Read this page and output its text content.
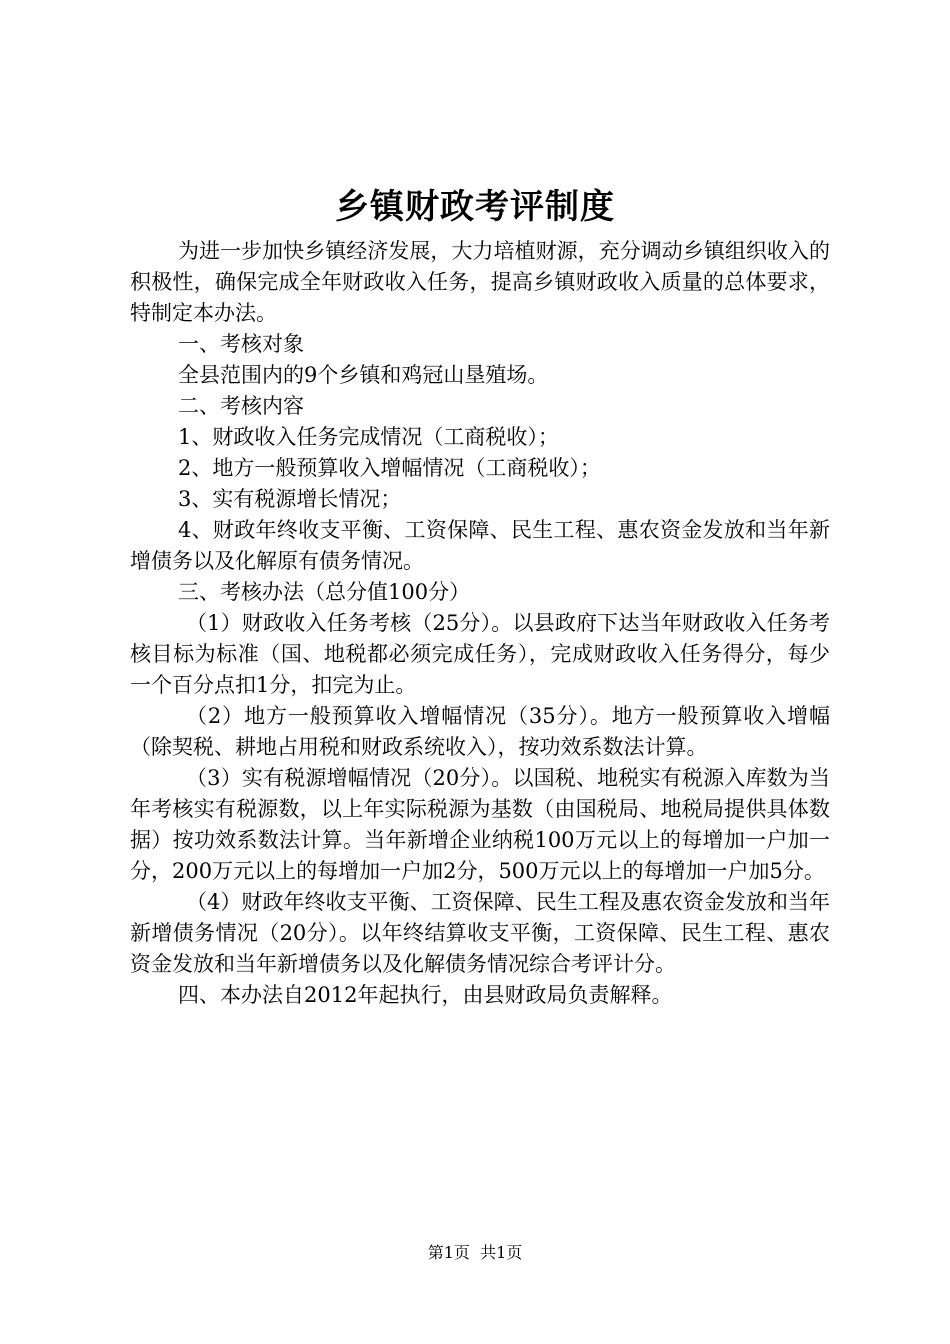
乡镇财政考评制度

为进一步加快乡镇经济发展，大力培植财源，充分调动乡镇组织收入的积极性，确保完成全年财政收入任务，提高乡镇财政收入质量的总体要求，特制定本办法。

一、考核对象

全县范围内的9个乡镇和鸡冠山垦殖场。

二、考核内容

1、财政收入任务完成情况（工商税收）；

2、地方一般预算收入增幅情况（工商税收）；

3、实有税源增长情况；

4、财政年终收支平衡、工资保障、民生工程、惠农资金发放和当年新增债务以及化解原有债务情况。

三、考核办法（总分值100分）

（1）财政收入任务考核（25分）。以县政府下达当年财政收入任务考核目标为标准（国、地税都必须完成任务），完成财政收入任务得分，每少一个百分点扣1分，扣完为止。

（2）地方一般预算收入增幅情况（35分）。地方一般预算收入增幅（除契税、耕地占用税和财政系统收入），按功效系数法计算。

（3）实有税源增幅情况（20分）。以国税、地税实有税源入库数为当年考核实有税源数，以上年实际税源为基数（由国税局、地税局提供具体数据）按功效系数法计算。当年新增企业纳税100万元以上的每增加一户加一分，200万元以上的每增加一户加2分，500万元以上的每增加一户加5分。

（4）财政年终收支平衡、工资保障、民生工程及惠农资金发放和当年新增债务情况（20分）。以年终结算收支平衡，工资保障、民生工程、惠农资金发放和当年新增债务以及化解债务情况综合考评计分。

四、本办法自2012年起执行，由县财政局负责解释。

第1页  共1页
